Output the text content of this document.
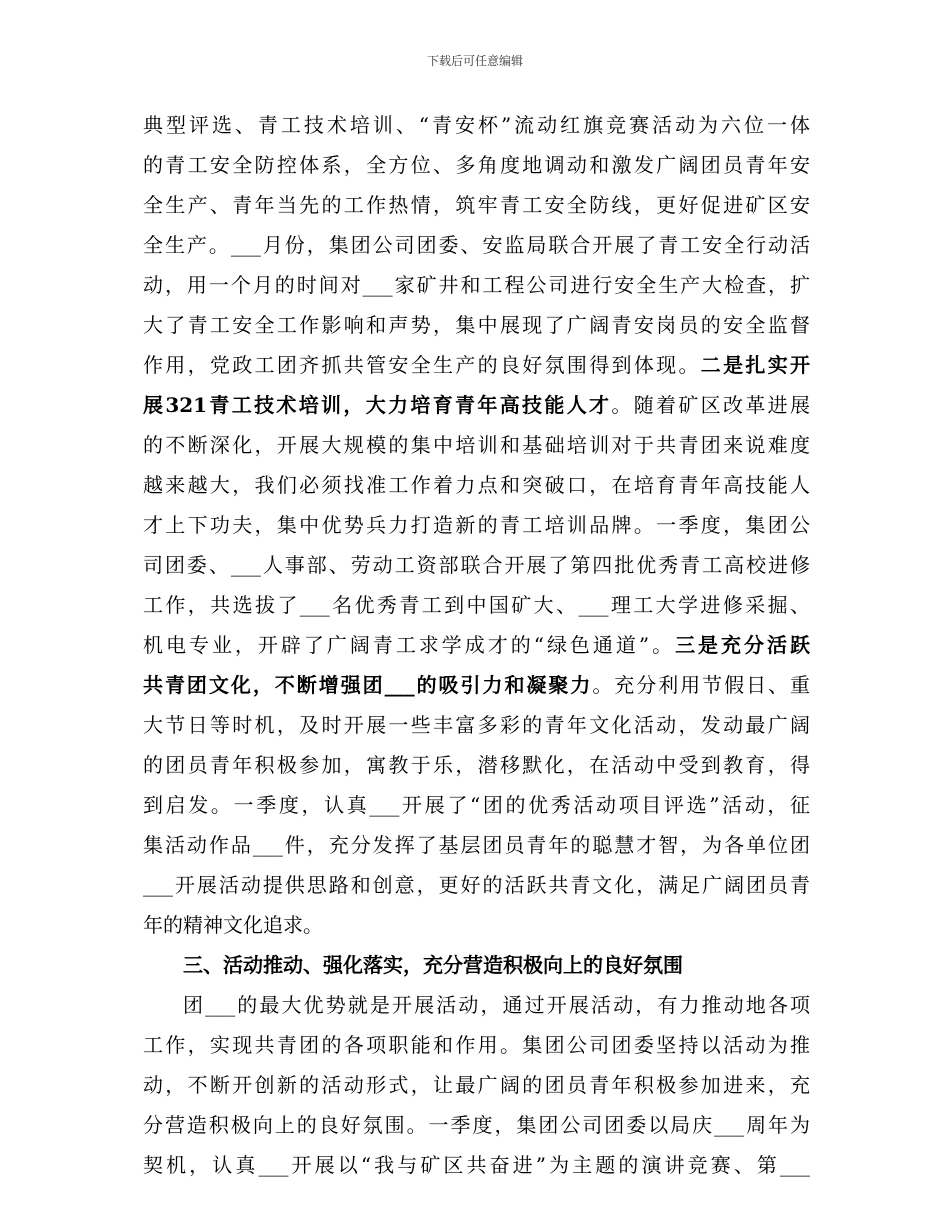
下载后可任意编辑
典型评选、青工技术培训、“青安杯”流动红旗竞赛活动为六位一体
的青工安全防控体系，全方位、多角度地调动和激发广阔团员青年安
全生产、青年当先的工作热情，筑牢青工安全防线，更好促进矿区安
全生产。___月份，集团公司团委、安监局联合开展了青工安全行动活
动，用一个月的时间对___家矿井和工程公司进行安全生产大检查，扩
大了青工安全工作影响和声势，集中展现了广阔青安岗员的安全监督
作用，党政工团齐抓共管安全生产的良好氛围得到体现。二是扎实开
展321青工技术培训，大力培育青年高技能人才。随着矿区改革进展
的不断深化，开展大规模的集中培训和基础培训对于共青团来说难度
越来越大，我们必须找准工作着力点和突破口，在培育青年高技能人
才上下功夫，集中优势兵力打造新的青工培训品牌。一季度，集团公
司团委、___人事部、劳动工资部联合开展了第四批优秀青工高校进修
工作，共选拔了___名优秀青工到中国矿大、___理工大学进修采掘、
机电专业，开辟了广阔青工求学成才的“绿色通道”。三是充分活跃
共青团文化，不断增强团___的吸引力和凝聚力。充分利用节假日、重
大节日等时机，及时开展一些丰富多彩的青年文化活动，发动最广阔
的团员青年积极参加，寓教于乐，潜移默化，在活动中受到教育，得
到启发。一季度，认真___开展了“团的优秀活动项目评选”活动，征
集活动作品___件，充分发挥了基层团员青年的聪慧才智，为各单位团
___开展活动提供思路和创意，更好的活跃共青文化，满足广阔团员青
年的精神文化追求。
三、活动推动、强化落实，充分营造积极向上的良好氛围
团___的最大优势就是开展活动，通过开展活动，有力推动地各项
工作，实现共青团的各项职能和作用。集团公司团委坚持以活动为推
动，不断开创新的活动形式，让最广阔的团员青年积极参加进来，充
分营造积极向上的良好氛围。一季度，集团公司团委以局庆___周年为
契机，认真___开展以“我与矿区共奋进”为主题的演讲竞赛、第___
